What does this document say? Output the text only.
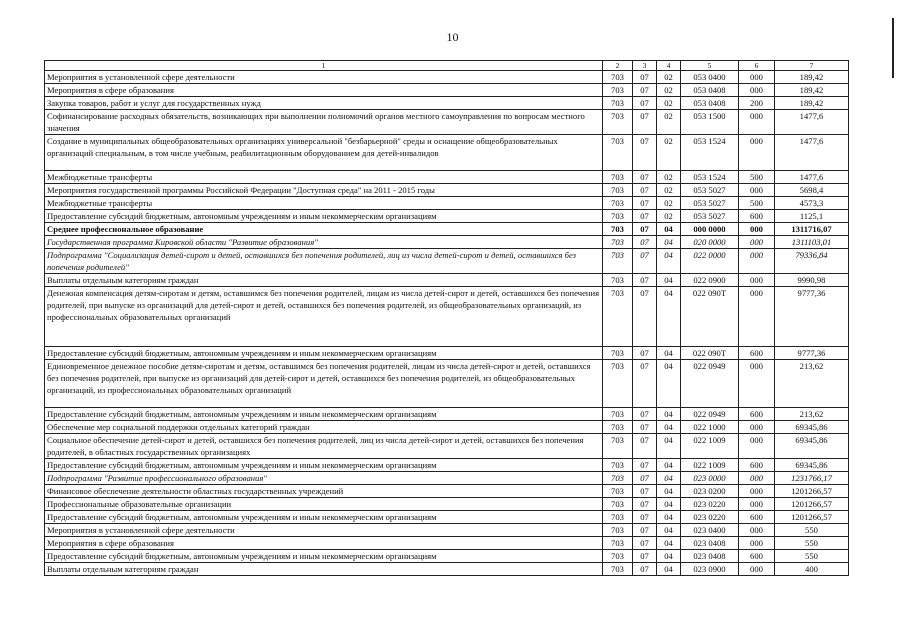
10
1	2	3	4	5	6	7
Мероприятия в установленной сфере деятельности	703	07	02	053 0400	000	189,42
Мероприятия в сфере образования	703	07	02	053 0408	000	189,42
Закупка товаров, работ и услуг для государственных нужд	703	07	02	053 0408	200	189,42
Софинансирование расходных обязательств, возникающих при выполнении полномочий органов местного самоуправления по вопросам местного значения	703	07	02	053 1500	000	1477,6
Создание в муниципальных общеобразовательных организациях универсальной "безбарьерной" среды и оснащение общеобразовательных организаций специальным, в том числе учебным, реабилитационным оборудованием для детей-инвалидов	703	07	02	053 1524	000	1477,6
Межбюджетные трансферты	703	07	02	053 1524	500	1477,6
Мероприятия государственной программы Российской Федерации "Доступная среда" на 2011 - 2015 годы	703	07	02	053 5027	000	5698,4
Межбюджетные трансферты	703	07	02	053 5027	500	4573,3
Предоставление субсидий бюджетным, автономным учреждениям и иным некоммерческим организациям	703	07	02	053 5027	600	1125,1
Среднее профессиональное образование	703	07	04	000 0000	000	1311716,07
Государственная программа Кировской области "Развитие образования"	703	07	04	020 0000	000	1311103,01
Подпрограмма "Социализация детей-сирот и детей, оставшихся без попечения родителей, лиц из числа детей-сирот и детей, оставшихся без попечения родителей"	703	07	04	022 0000	000	79336,84
Выплаты отдельным категориям граждан	703	07	04	022 0900	000	9990,98
Денежная компенсация детям-сиротам и детям, оставшимся без попечения родителей, лицам из числа детей-сирот и детей, оставшихся без попечения родителей, при выпуске из организаций для детей-сирот и детей, оставшихся без попечения родителей, из общеобразовательных организаций, из профессиональных образовательных организаций	703	07	04	022 090Т	000	9777,36
Предоставление субсидий бюджетным, автономным учреждениям и иным некоммерческим организациям	703	07	04	022 090Т	600	9777,36
Единовременное денежное пособие детям-сиротам и детям, оставшимся без попечения родителей, лицам из числа детей-сирот и детей, оставшихся без попечения родителей, при выпуске из организаций для детей-сирот и детей, оставшихся без попечения родителей, из общеобразовательных организаций, из профессиональных образовательных организаций	703	07	04	022 0949	000	213,62
Предоставление субсидий бюджетным, автономным учреждениям и иным некоммерческим организациям	703	07	04	022 0949	600	213,62
Обеспечение мер социальной поддержки отдельных категорий граждан	703	07	04	022 1000	000	69345,86
Социальное обеспечение детей-сирот и детей, оставшихся без попечения родителей, лиц из числа детей-сирот и детей, оставшихся без попечения родителей, в областных государственных организациях	703	07	04	022 1009	000	69345,86
Предоставление субсидий бюджетным, автономным учреждениям и иным некоммерческим организациям	703	07	04	022 1009	600	69345,86
Подпрограмма "Развитие профессионального образования"	703	07	04	023 0000	000	1231766,17
Финансовое обеспечение деятельности областных государственных учреждений	703	07	04	023 0200	000	1201266,57
Профессиональные образовательные организации	703	07	04	023 0220	000	1201266,57
Предоставление субсидий бюджетным, автономным учреждениям и иным некоммерческим организациям	703	07	04	023 0220	600	1201266,57
Мероприятия в установленной сфере деятельности	703	07	04	023 0400	000	550
Мероприятия в сфере образования	703	07	04	023 0408	000	550
Предоставление субсидий бюджетным, автономным учреждениям и иным некоммерческим организациям	703	07	04	023 0408	600	550
Выплаты отдельным категориям граждан	703	07	04	023 0900	000	400
